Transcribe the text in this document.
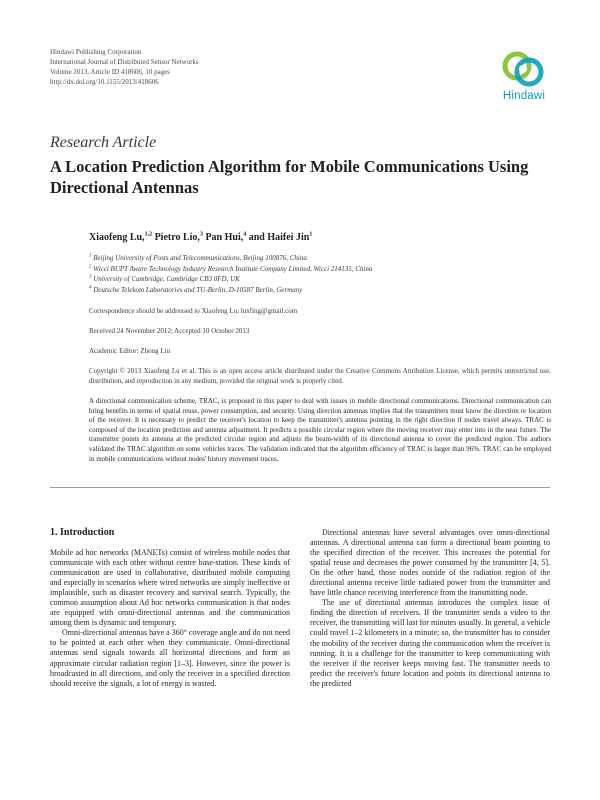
Hindawi Publishing Corporation
International Journal of Distributed Sensor Networks
Volume 2013, Article ID 418606, 10 pages
http://dx.doi.org/10.1155/2013/418606
Hindawi
Research Article
A Location Prediction Algorithm for Mobile Communications Using Directional Antennas
Xiaofeng Lu,$^{1,2}$ Pietro Lio,$^3$ Pan Hui,$^4$ and Haifei Jin$^1$
$^1$ Beijing University of Posts and Telecommunications, Beijing 100876, China
$^2$ Wicci BUPT Aware Technology Industry Research Institute Company Limited, Wicci 214135, China
$^3$ University of Cambridge, Cambridge CB3 0FD, UK
$^4$ Deutsche Telekom Laboratories and TU-Berlin, D-10587 Berlin, Germany
Correspondence should be addressed to Xiaofeng Lu; luxfing@gmail.com
Received 24 November 2012; Accepted 10 October 2013
Academic Editor: Zhong Liu
Copyright © 2013 Xiaofeng Lu et al. This is an open access article distributed under the Creative Commons Attribution License, which permits unrestricted use, distribution, and reproduction in any medium, provided the original work is properly cited.
A directional communication scheme, TRAC, is proposed in this paper to deal with issues in mobile directional communications. Directional communication can bring benefits in terms of spatial reuse, power consumption, and security. Using direction antennas implies that the transmitters must know the direction or location of the receiver. It is necessary to predict the receiver's location to keep the transmitter's antenna pointing in the right direction if nodes travel always. TRAC is composed of the location prediction and antenna adjustment. It predicts a possible circular region where the moving receiver may enter into in the near future. The transmitter points its antenna at the predicted circular region and adjusts the beam-width of its directional antenna to cover the predicted region. The authors validated the TRAC algorithm on some vehicles traces. The validation indicated that the algorithm efficiency of TRAC is larger than 96%. TRAC can be employed in mobile communications without nodes' history movement traces.
1. Introduction

Mobile ad hoc networks (MANETs) consist of wireless mobile nodes that communicate with each other without centre base-station. These kinds of communication are used in collaborative, distributed mobile computing and especially in scenarios where wired networks are simply ineffective or implausible, such as disaster recovery and survival search. Typically, the common assumption about Ad hoc networks communication is that nodes are equipped with omni-directional antennas and the communication among them is dynamic and temporary.

Omni-directional antennas have a 360° coverage angle and do not need to be pointed at each other when they communicate. Omni-directional antennas send signals towards all horizontal directions and form an approximate circular radiation region [1–3]. However, since the power is broadcasted in all directions, and only the receiver in a specified direction should receive the signals, a lot of energy is wasted.

Directional antennas have several advantages over omni-directional antennas. A directional antenna can form a directional beam pointing to the specified direction of the receiver. This increases the potential for spatial reuse and decreases the power consumed by the transmitter [4, 5]. On the other hand, those nodes outside of the radiation region of the directional antenna receive little radiated power from the transmitter and have little chance receiving interference from the transmitting node.

The use of directional antennas introduces the complex issue of finding the direction of receivers. If the transmitter sends a video to the receiver, the transmitting will last for minutes usually. In general, a vehicle could travel 1–2 kilometers in a minute; so, the transmitter has to consider the mobility of the receiver during the communication when the receiver is running. It is a challenge for the transmitter to keep communicating with the receiver if the receiver keeps moving fast. The transmitter needs to predict the receiver's future location and points its directional antenna to the predicted
